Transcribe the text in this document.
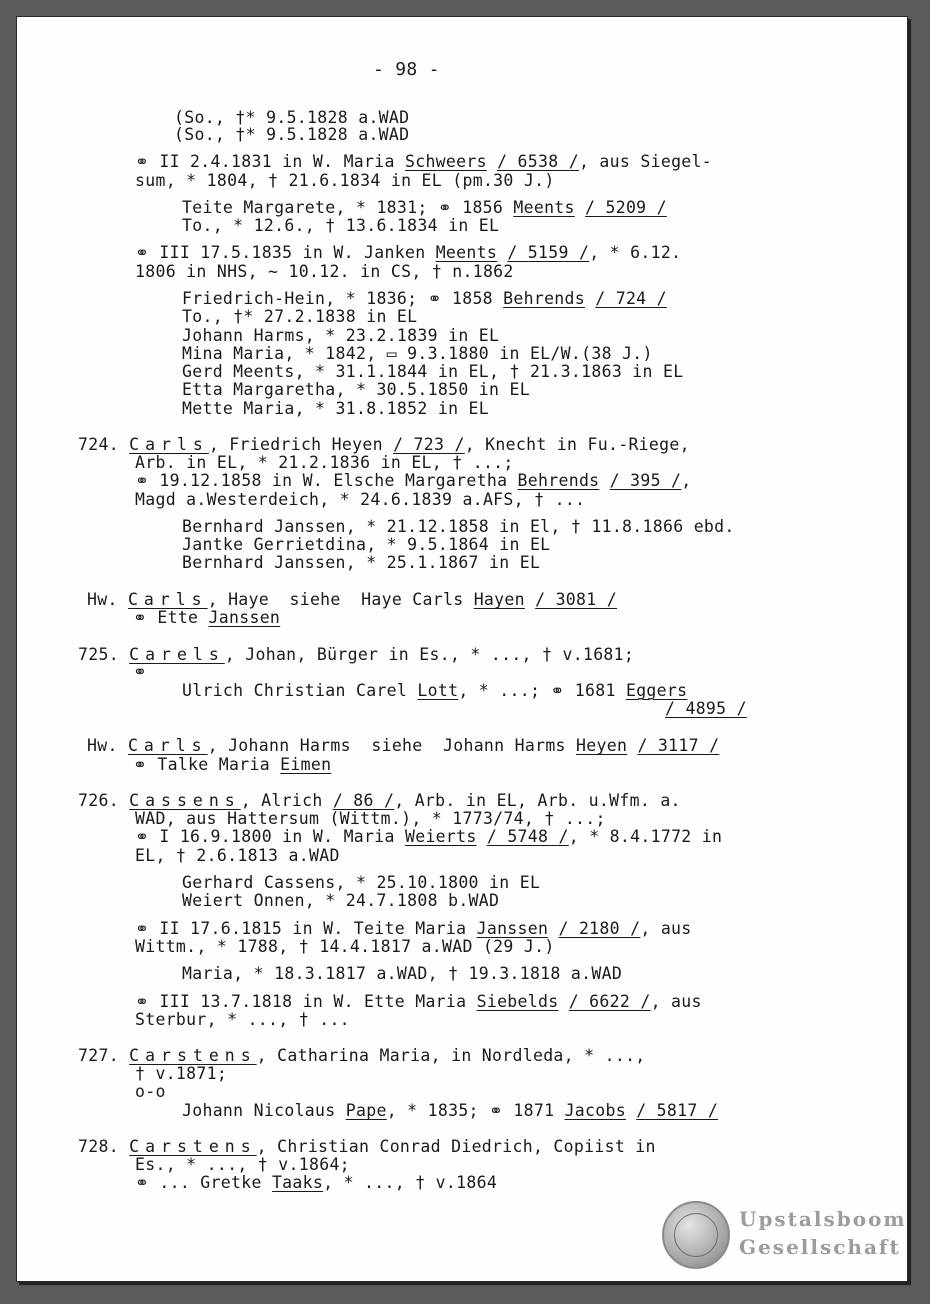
- 98 -
(So., †* 9.5.1828 a.WAD
(So., †* 9.5.1828 a.WAD
⚭ II 2.4.1831 in W. Maria Schweers / 6538 /, aus Siegel-
sum, * 1804, † 21.6.1834 in EL (pm.30 J.)
Teite Margarete, * 1831; ⚭ 1856 Meents / 5209 /
To., * 12.6., † 13.6.1834 in EL
⚭ III 17.5.1835 in W. Janken Meents / 5159 /, * 6.12.
1806 in NHS, ~ 10.12. in CS, † n.1862
Friedrich-Hein, * 1836; ⚭ 1858 Behrends / 724 /
To., †* 27.2.1838 in EL
Johann Harms, * 23.2.1839 in EL
Mina Maria, * 1842, ▭ 9.3.1880 in EL/W.(38 J.)
Gerd Meents, * 31.1.1844 in EL, † 21.3.1863 in EL
Etta Margaretha, * 30.5.1850 in EL
Mette Maria, * 31.8.1852 in EL
724. Carls, Friedrich Heyen / 723 /, Knecht in Fu.-Riege,
Arb. in EL, * 21.2.1836 in EL, † ...;
⚭ 19.12.1858 in W. Elsche Margaretha Behrends / 395 /,
Magd a.Westerdeich, * 24.6.1839 a.AFS, † ...
Bernhard Janssen, * 21.12.1858 in El, † 11.8.1866 ebd.
Jantke Gerrietdina, * 9.5.1864 in EL
Bernhard Janssen, * 25.1.1867 in EL
Hw. Carls, Haye  siehe  Haye Carls Hayen / 3081 /
⚭ Ette Janssen
725. Carels, Johan, Bürger in Es., * ..., † v.1681;
⚭
Ulrich Christian Carel Lott, * ...; ⚭ 1681 Eggers
/ 4895 /
Hw. Carls, Johann Harms  siehe  Johann Harms Heyen / 3117 /
⚭ Talke Maria Eimen
726. Cassens, Alrich / 86 /, Arb. in EL, Arb. u.Wfm. a.
WAD, aus Hattersum (Wittm.), * 1773/74, † ...;
⚭ I 16.9.1800 in W. Maria Weierts / 5748 /, * 8.4.1772 in
EL, † 2.6.1813 a.WAD
Gerhard Cassens, * 25.10.1800 in EL
Weiert Onnen, * 24.7.1808 b.WAD
⚭ II 17.6.1815 in W. Teite Maria Janssen / 2180 /, aus
Wittm., * 1788, † 14.4.1817 a.WAD (29 J.)
Maria, * 18.3.1817 a.WAD, † 19.3.1818 a.WAD
⚭ III 13.7.1818 in W. Ette Maria Siebelds / 6622 /, aus
Sterbur, * ..., † ...
727. Carstens, Catharina Maria, in Nordleda, * ...,
† v.1871;
o-o
Johann Nicolaus Pape, * 1835; ⚭ 1871 Jacobs / 5817 /
728. Carstens, Christian Conrad Diedrich, Copiist in
Es., * ..., † v.1864;
⚭ ... Gretke Taaks, * ..., † v.1864
Upstalsboom
Gesellschaft
